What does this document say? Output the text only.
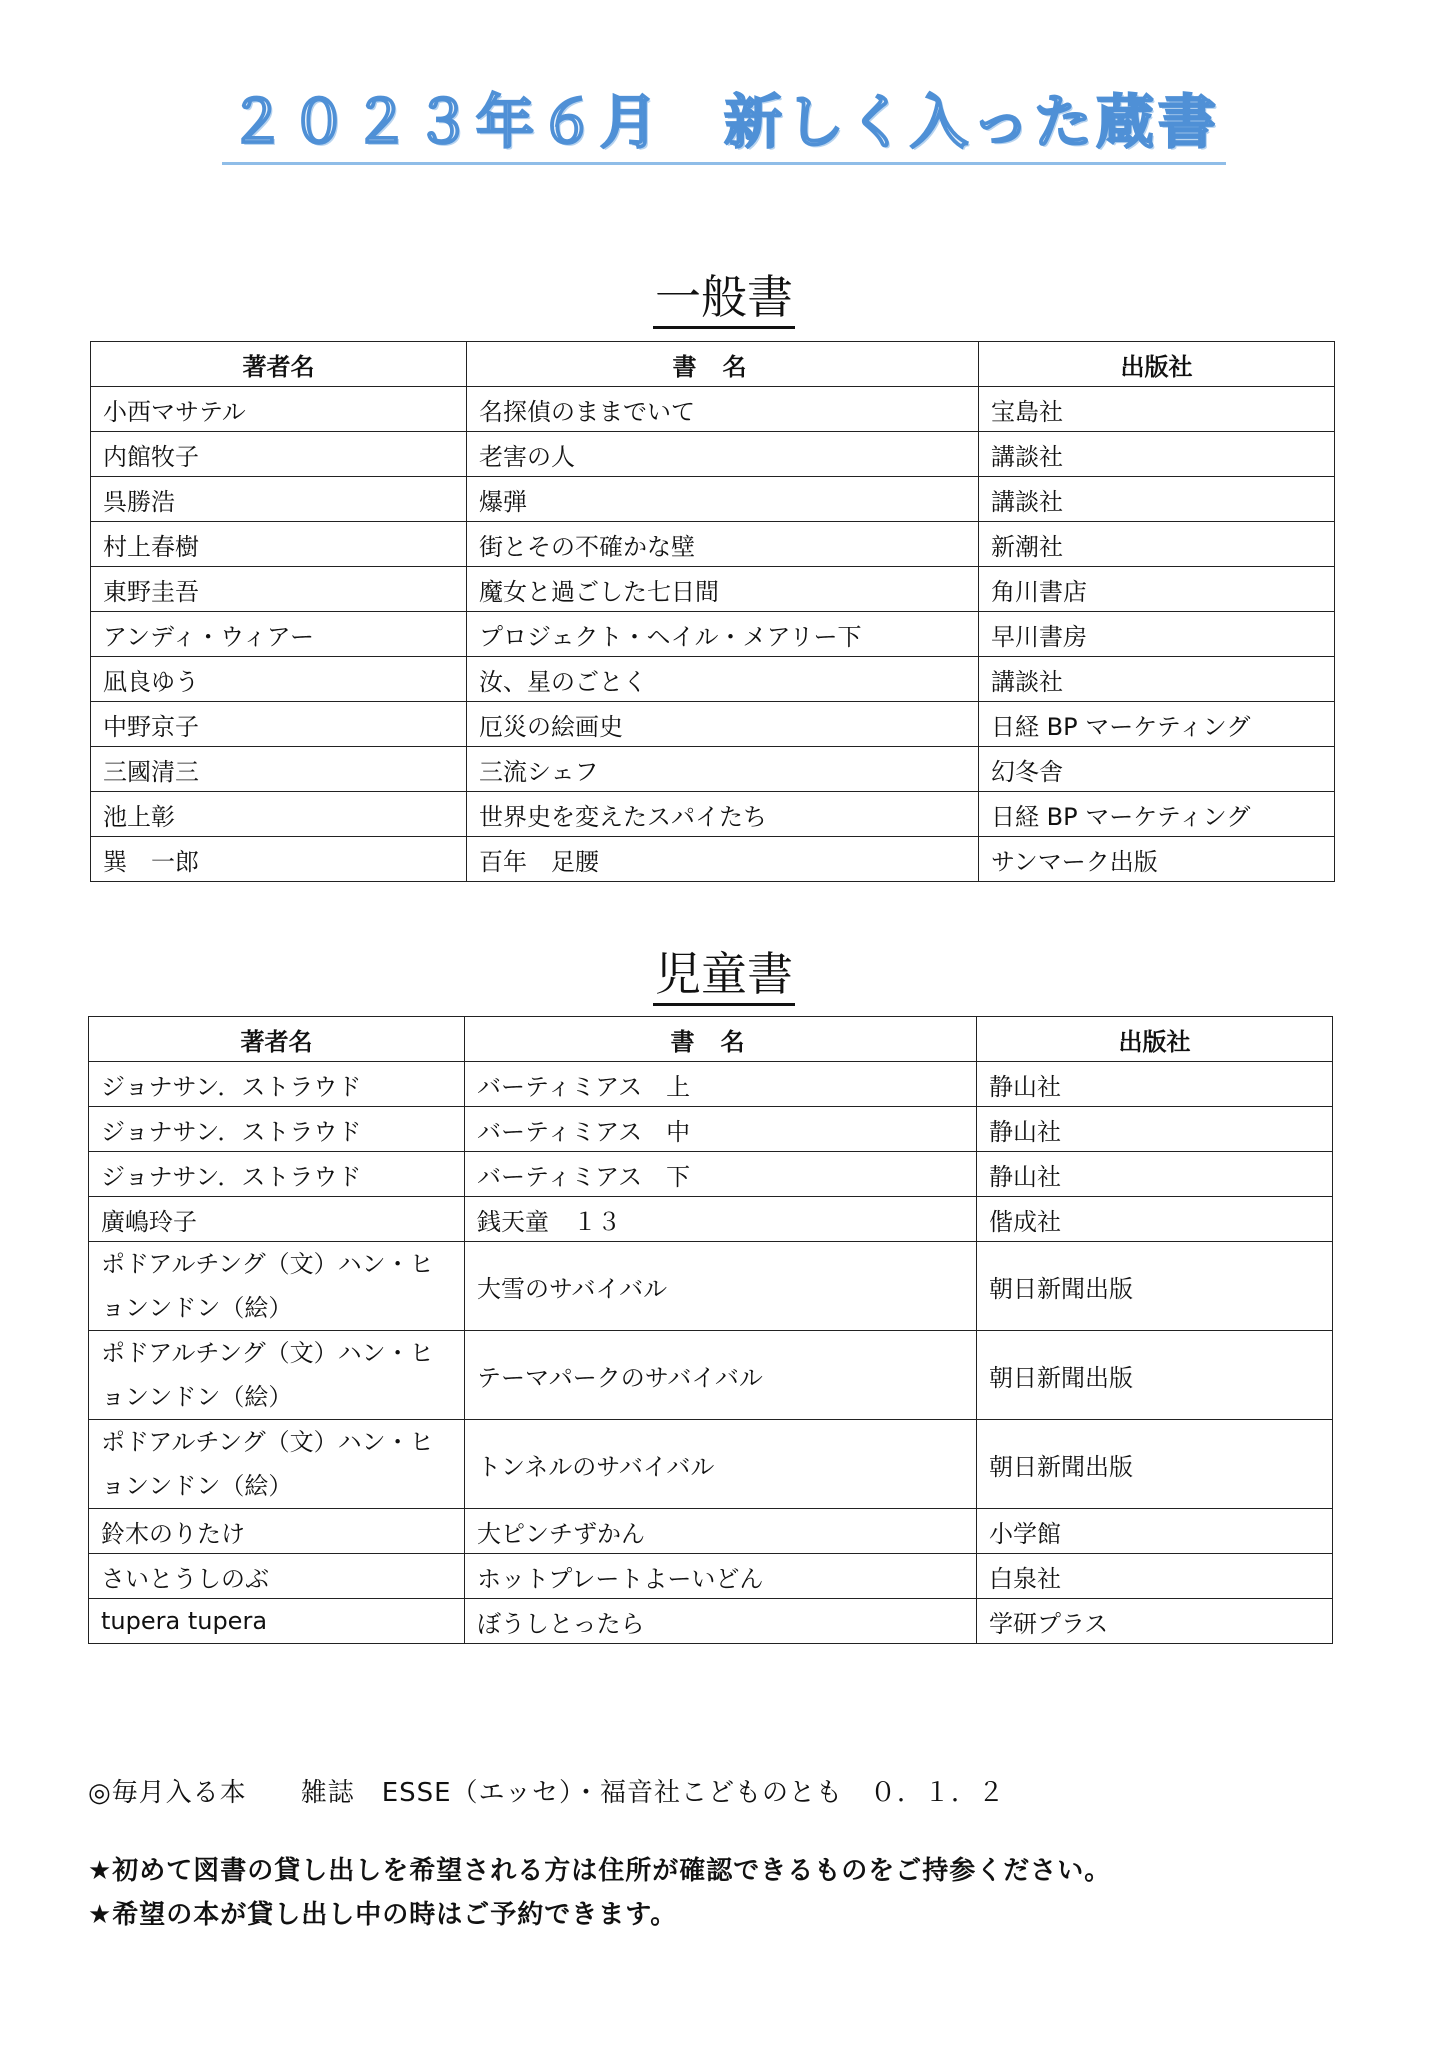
２０２３年６月　新しく入った蔵書
一般書
著者名	書名	出版社
小西マサテル	名探偵のままでいて	宝島社
内館牧子	老害の人	講談社
呉勝浩	爆弾	講談社
村上春樹	街とその不確かな壁	新潮社
東野圭吾	魔女と過ごした七日間	角川書店
アンディ・ウィアー	プロジェクト・ヘイル・メアリー下	早川書房
凪良ゆう	汝、星のごとく	講談社
中野京子	厄災の絵画史	日経 BP マーケティング
三國清三	三流シェフ	幻冬舎
池上彰	世界史を変えたスパイたち	日経 BP マーケティング
巽　一郎	百年　足腰	サンマーク出版
児童書
著者名	書名	出版社
ジョナサン．ストラウド	バーティミアス　上	静山社
ジョナサン．ストラウド	バーティミアス　中	静山社
ジョナサン．ストラウド	バーティミアス　下	静山社
廣嶋玲子	銭天童　１３	偕成社
ポドアルチング（文）ハン・ヒョンンドン（絵）	大雪のサバイバル	朝日新聞出版
ポドアルチング（文）ハン・ヒョンンドン（絵）	テーマパークのサバイバル	朝日新聞出版
ポドアルチング（文）ハン・ヒョンンドン（絵）	トンネルのサバイバル	朝日新聞出版
鈴木のりたけ	大ピンチずかん	小学館
さいとうしのぶ	ホットプレートよーいどん	白泉社
tupera tupera	ぼうしとったら	学研プラス
◎毎月入る本 雑誌　ESSE（エッセ）・福音社こどものとも　０．１．２
★初めて図書の貸し出しを希望される方は住所が確認できるものをご持参ください。
★希望の本が貸し出し中の時はご予約できます。
